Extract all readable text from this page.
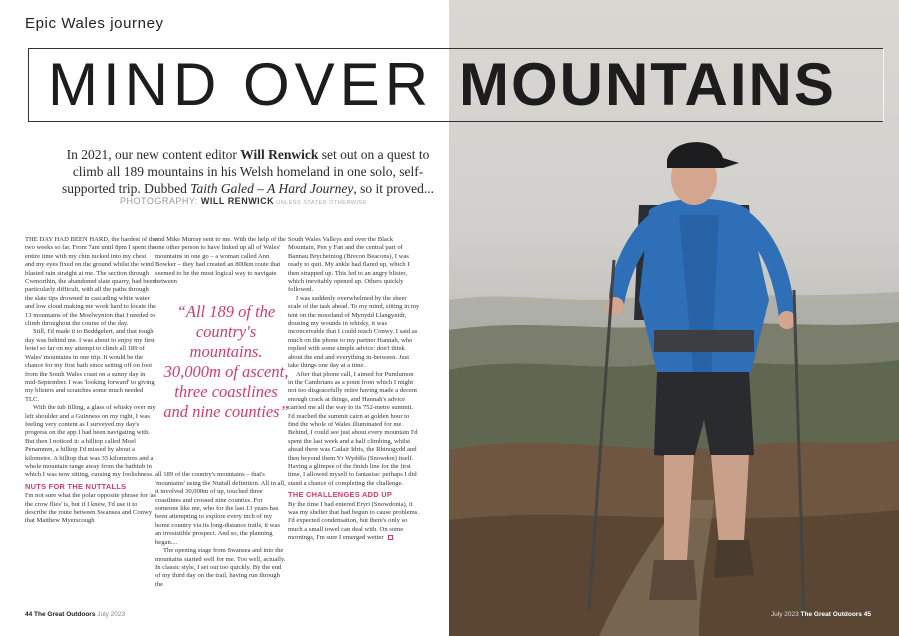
Epic Wales journey
MIND OVER MOUNTAINS
In 2021, our new content editor Will Renwick set out on a quest to climb all 189 mountains in his Welsh homeland in one solo, self-supported trip. Dubbed Taith Galed – A Hard Journey, so it proved...
PHOTOGRAPHY: WILL RENWICK UNLESS STATED OTHERWISE

THE DAY HAD BEEN HARD, the hardest of the two weeks so far. From 7am until 8pm I spent the entire time with my chin tucked into my chest and my eyes fixed on the ground whilst the wind blasted rain straight at me. The section through Cwmorthin, the abandoned slate quarry, had been particularly difficult, with all the paths through the slate tips drowned in cascading white water and low cloud making me work hard to locate the 13 mountains of the Moelwynion that I needed to climb throughout the course of the day.

Still, I'd made it to Beddgelert, and that tough day was behind me. I was about to enjoy my first hotel so far on my attempt to climb all 189 of Wales' mountains in one trip. It would be the chance for my first bath since setting off on foot from the South Wales coast on a sunny day in mid-September. I was 'looking forward' to giving my blisters and scratches some much needed TLC.

With the tub filling, a glass of whisky over my left shoulder and a Guinness on my right, I was feeling very content as I surveyed my day's progress on the app I had been navigating with. But then I noticed it: a hilltop called Moel Penamnen, a hilltop I'd missed by about a kilometre. A hilltop that was 35 kilometres and a whole mountain range away from the bathtub in which I was now sitting, cursing my foolishness.

NUTS FOR THE NUTTALLS

I'm not sure what the polar opposite phrase for 'as the crow flies' is, but if I knew, I'd use it to describe the route between Swansea and Conwy that Matthew Myerscough

and Mike Murray sent to me. With the help of the one other person to have linked up all of Wales' mountains in one go – a woman called Ann Bowker – they had created an 800km route that seemed to be the most logical way to navigate between

all 189 of the country's mountains – that's 'mountains' using the Nuttall definition. All in all, it involved 30,000m of up, touched three coastlines and crossed nine counties. For someone like me, who for the last 13 years has been attempting to explore every inch of my home country via its long-distance trails, it was an irresistible prospect. And so, the planning began....

The opening stage from Swansea and into the mountains started well for me. Too well, actually. In classic style, I set out too quickly. By the end of my third day on the trail, having run through the

“All 189 of the country's mountains. 30,000m of ascent, three coastlines and nine counties”

South Wales Valleys and over the Black Mountain, Pen y Fan and the central part of Bannau Brycheiniog (Brecon Beacons), I was ready to quit. My ankle had flared up, which I then strapped up. This led to an angry blister, which inevitably opened up. Others quickly followed.

I was suddenly overwhelmed by the sheer scale of the task ahead. To my mind, sitting in my tent on the moorland of Mynydd Llangynidr, dousing my wounds in whisky, it was inconceivable that I could reach Conwy. I said as much on the phone to my partner Hannah, who replied with some simple advice: don't think about the end and everything in-between. Just take things one day at a time.

After that phone call, I aimed for Pumlumon in the Cambrians as a point from which I might not too disgracefully retire having made a decent enough crack at things, and Hannah's advice carried me all the way to its 752-metre summit. I'd reached the summit cairn at golden hour to find the whole of Wales illuminated for me. Behind, I could see just about every mountain I'd spent the last week and a half climbing, whilst ahead there was Cadair Idris, the Rhinogydd and then beyond them Yr Wyddfa (Snowdon) itself. Having a glimpse of the finish line for the first time, I allowed myself to fantasise: perhaps I did stand a chance of completing the challenge.

THE CHALLENGES ADD UP

By the time I had entered Eryri (Snowdonia), it was my shelter that had begun to cause problems. I'd expected condensation, but there's only so much a small towel can deal with. On some mornings, I'm sure I emerged wetter

44 The Great Outdoors July 2023	July 2023 The Great Outdoors 45
